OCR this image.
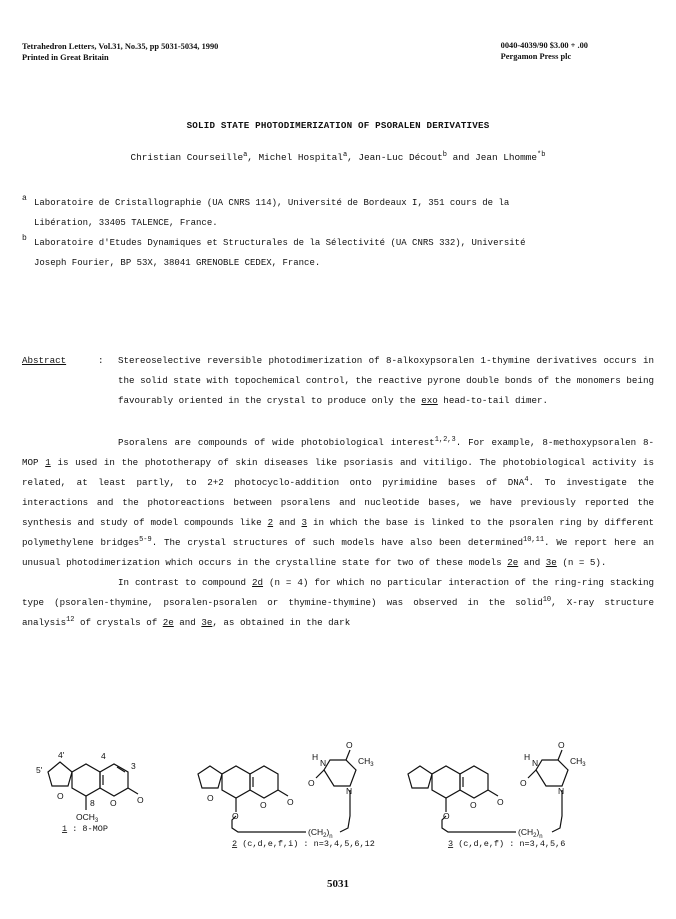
Tetrahedron Letters, Vol.31, No.35, pp 5031-5034, 1990
Printed in Great Britain
0040-4039/90 $3.00 + .00
Pergamon Press plc
SOLID STATE PHOTODIMERIZATION OF PSORALEN DERIVATIVES
Christian Courseille$^a$, Michel Hospital$^a$, Jean-Luc Décout$^b$ and Jean Lhomme$^{*b}$
a Laboratoire de Cristallographie (UA CNRS 114), Université de Bordeaux I, 351 cours de la
Libération, 33405 TALENCE, France.
b Laboratoire d'Etudes Dynamiques et Structurales de la Sélectivité (UA CNRS 332), Université
Joseph Fourier, BP 53X, 38041 GRENOBLE CEDEX, France.
Abstract	: Stereoselective reversible photodimerization of 8-alkoxypsoralen 1-thymine derivatives occurs in the solid state with topochemical control, the reactive pyrone double bonds of the monomers being favourably oriented in the crystal to produce only the exo head-to-tail dimer.

Psoralens are compounds of wide photobiological interest$^{1,2,3}$. For example, 8-methoxypsoralen 8-MOP 1 is used in the phototherapy of skin diseases like psoriasis and vitiligo. The photobiological activity is related, at least partly, to 2+2 photocyclo-addition onto pyrimidine bases of DNA$^4$. To investigate the interactions and the photoreactions between psoralens and nucleotide bases, we have previously reported the synthesis and study of model compounds like 2 and 3 in which the base is linked to the psoralen ring by different polymethylene bridges$^{5-9}$. The crystal structures of such models have also been determined$^{10,11}$. We report here an unusual photodimerization which occurs in the crystalline state for two of these models 2e and 3e (n = 5).

In contrast to compound 2d (n = 4) for which no particular interaction of the ring-ring stacking type (psoralen-thymine, psoralen-psoralen or thymine-thymine) was observed in the solid$^{10}$, X-ray structure analysis$^{12}$ of crystals of 2e and 3e, as obtained in the dark

4'
5'
4
3
8
O
O O
$OCH_3$
O
O O
O
$(CH_2)_n$
O
H
N	$CH_3$
O
N
O
O O
$(CH_2)_n$
O
H
N	$CH_3$
O
N
1 : 8-MOP
2 (c,d,e,f,i) : n=3,4,5,6,12	3 (c,d,e,f) : n=3,4,5,6
5031
